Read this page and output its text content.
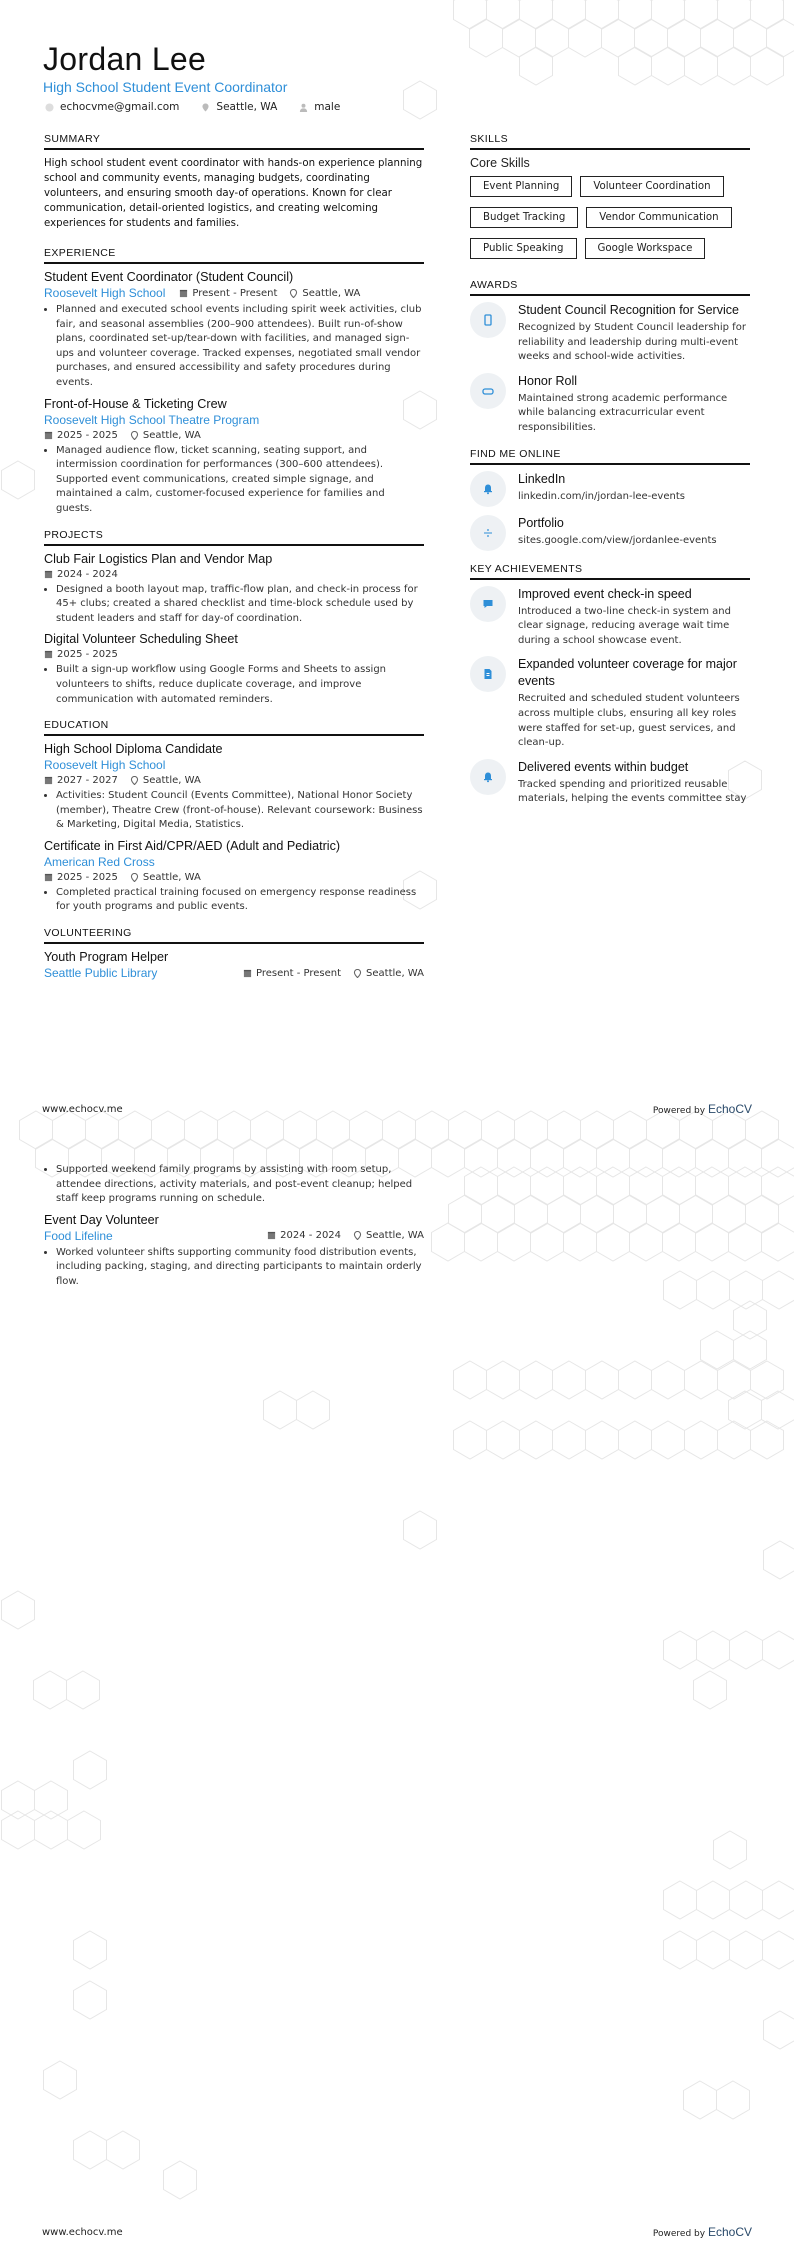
Jordan Lee
High School Student Event Coordinator
echocvme@gmail.com	Seattle, WA	male
SUMMARY
High school student event coordinator with hands-on experience planning school and community events, managing budgets, coordinating volunteers, and ensuring smooth day-of operations. Known for clear communication, detail-oriented logistics, and creating welcoming experiences for students and families.
EXPERIENCE
Student Event Coordinator (Student Council)
Roosevelt High School	Present - Present	Seattle, WA
• Planned and executed school events including spirit week activities, club fair, and seasonal assemblies (200–900 attendees). Built run-of-show plans, coordinated set-up/tear-down with facilities, and managed sign-ups and volunteer coverage. Tracked expenses, negotiated small vendor purchases, and ensured accessibility and safety procedures during events.
Front-of-House & Ticketing Crew
Roosevelt High School Theatre Program
2025 - 2025	Seattle, WA
• Managed audience flow, ticket scanning, seating support, and intermission coordination for performances (300–600 attendees). Supported event communications, created simple signage, and maintained a calm, customer-focused experience for families and guests.
PROJECTS
Club Fair Logistics Plan and Vendor Map
2024 - 2024
• Designed a booth layout map, traffic-flow plan, and check-in process for 45+ clubs; created a shared checklist and time-block schedule used by student leaders and staff for day-of coordination.
Digital Volunteer Scheduling Sheet
2025 - 2025
• Built a sign-up workflow using Google Forms and Sheets to assign volunteers to shifts, reduce duplicate coverage, and improve communication with automated reminders.
EDUCATION
High School Diploma Candidate
Roosevelt High School
2027 - 2027	Seattle, WA
• Activities: Student Council (Events Committee), National Honor Society (member), Theatre Crew (front-of-house). Relevant coursework: Business & Marketing, Digital Media, Statistics.
Certificate in First Aid/CPR/AED (Adult and Pediatric)
American Red Cross
2025 - 2025	Seattle, WA
• Completed practical training focused on emergency response readiness for youth programs and public events.
VOLUNTEERING
Youth Program Helper
Seattle Public Library	Present - Present	Seattle, WA
SKILLS
Core Skills
Event Planning	Volunteer Coordination
Budget Tracking	Vendor Communication
Public Speaking	Google Workspace
AWARDS
Student Council Recognition for Service
Recognized by Student Council leadership for reliability and leadership during multi-event weeks and school-wide activities.
Honor Roll
Maintained strong academic performance while balancing extracurricular event responsibilities.
FIND ME ONLINE
LinkedIn
linkedin.com/in/jordan-lee-events
Portfolio
sites.google.com/view/jordanlee-events
KEY ACHIEVEMENTS
Improved event check-in speed
Introduced a two-line check-in system and clear signage, reducing average wait time during a school showcase event.
Expanded volunteer coverage for major events
Recruited and scheduled student volunteers across multiple clubs, ensuring all key roles were staffed for set-up, guest services, and clean-up.
Delivered events within budget
Tracked spending and prioritized reusable materials, helping the events committee stay
www.echocv.me	Powered by EchoCV
• Supported weekend family programs by assisting with room setup, attendee directions, activity materials, and post-event cleanup; helped staff keep programs running on schedule.
Event Day Volunteer
Food Lifeline	2024 - 2024	Seattle, WA
• Worked volunteer shifts supporting community food distribution events, including packing, staging, and directing participants to maintain orderly flow.
www.echocv.me	Powered by EchoCV
